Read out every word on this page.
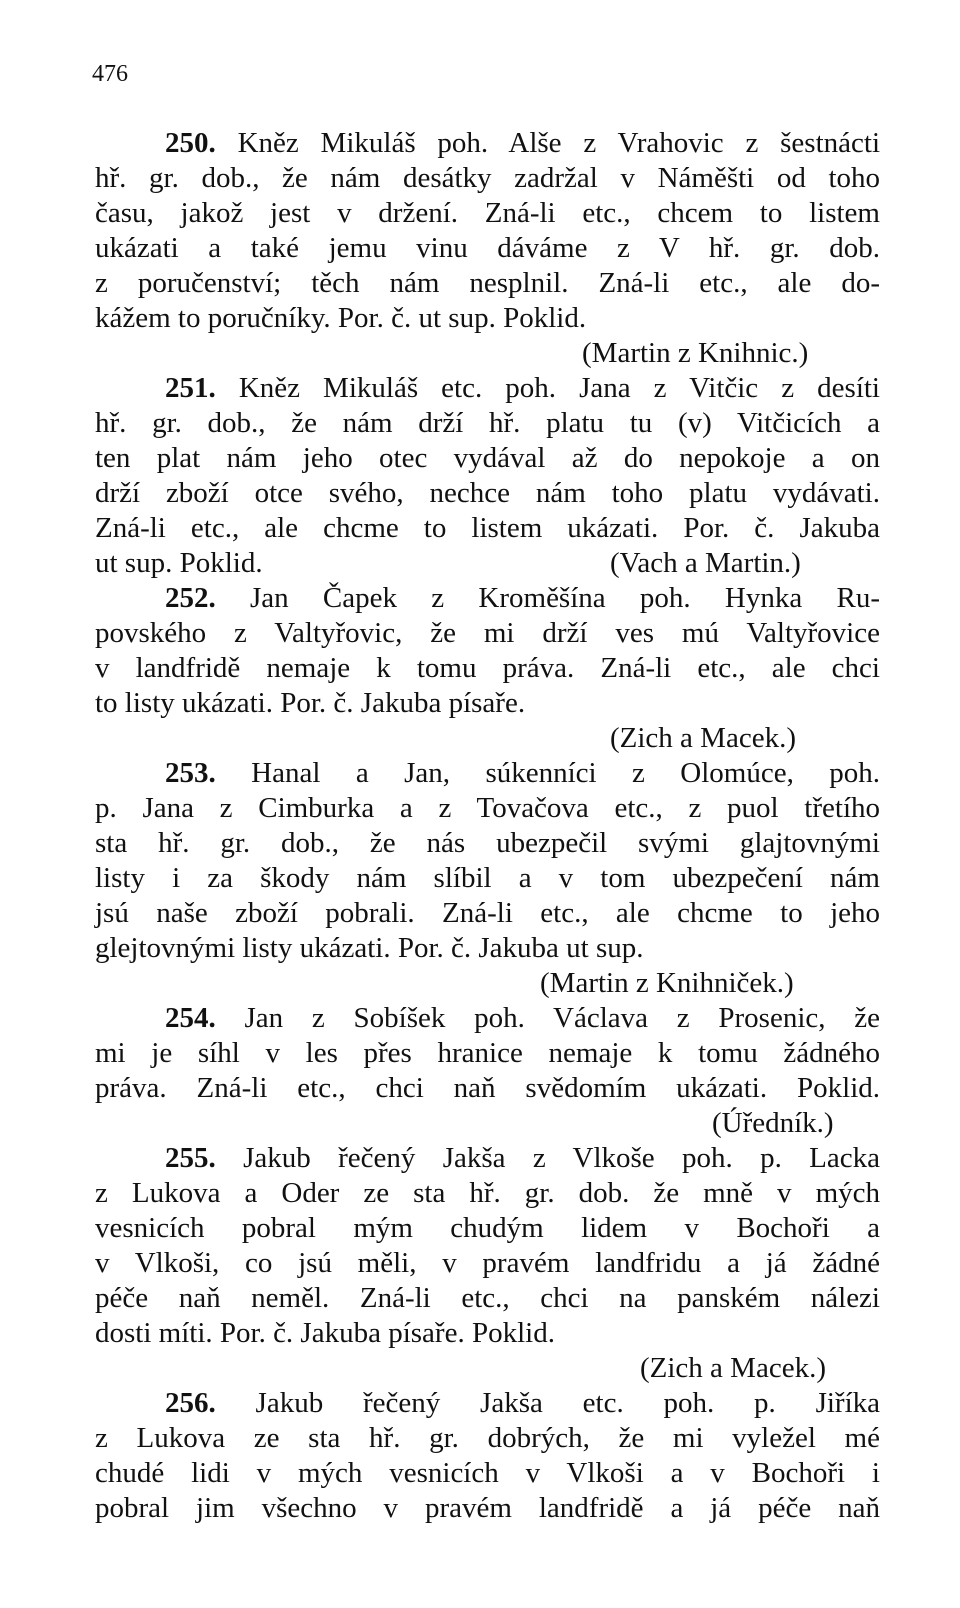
476
250. Kněz Mikuláš poh. Alše z Vrahovic z šestnácti
hř. gr. dob., že nám desátky zadržal v Náměšti od toho
času, jakož jest v držení. Zná-li etc., chcem to listem
ukázati a také jemu vinu dáváme z V hř. gr. dob.
z poručenství; těch nám nesplnil. Zná-li etc., ale do-
kážem to poručníky. Por. č. ut sup. Poklid.
(Martin z Knihnic.)
251. Kněz Mikuláš etc. poh. Jana z Vitčic z desíti
hř. gr. dob., že nám drží hř. platu tu (v) Vitčicích a
ten plat nám jeho otec vydával až do nepokoje a on
drží zboží otce svého, nechce nám toho platu vydávati.
Zná-li etc., ale chcme to listem ukázati. Por. č. Jakuba
ut sup. Poklid.	(Vach a Martin.)
252. Jan Čapek z Kroměšína poh. Hynka Ru-
povského z Valtyřovic, že mi drží ves mú Valtyřovice
v landfridě nemaje k tomu práva. Zná-li etc., ale chci
to listy ukázati. Por. č. Jakuba písaře.
(Zich a Macek.)
253. Hanal a Jan, súkenníci z Olomúce, poh.
p. Jana z Cimburka a z Tovačova etc., z puol třetího
sta hř. gr. dob., že nás ubezpečil svými glajtovnými
listy i za škody nám slíbil a v tom ubezpečení nám
jsú naše zboží pobrali. Zná-li etc., ale chcme to jeho
glejtovnými listy ukázati. Por. č. Jakuba ut sup.
(Martin z Knihniček.)
254. Jan z Sobíšek poh. Václava z Prosenic, že
mi je síhl v les přes hranice nemaje k tomu žádného
práva. Zná-li etc., chci naň svědomím ukázati. Poklid.
(Úředník.)
255. Jakub řečený Jakša z Vlkoše poh. p. Lacka
z Lukova a Oder ze sta hř. gr. dob. že mně v mých
vesnicích pobral mým chudým lidem v Bochoři a
v Vlkoši, co jsú měli, v pravém landfridu a já žádné
péče naň neměl. Zná-li etc., chci na panském nálezi
dosti míti. Por. č. Jakuba písaře. Poklid.
(Zich a Macek.)
256. Jakub řečený Jakša etc. poh. p. Jiříka
z Lukova ze sta hř. gr. dobrých, že mi vyležel mé
chudé lidi v mých vesnicích v Vlkoši a v Bochoři i
pobral jim všechno v pravém landfridě a já péče naň
